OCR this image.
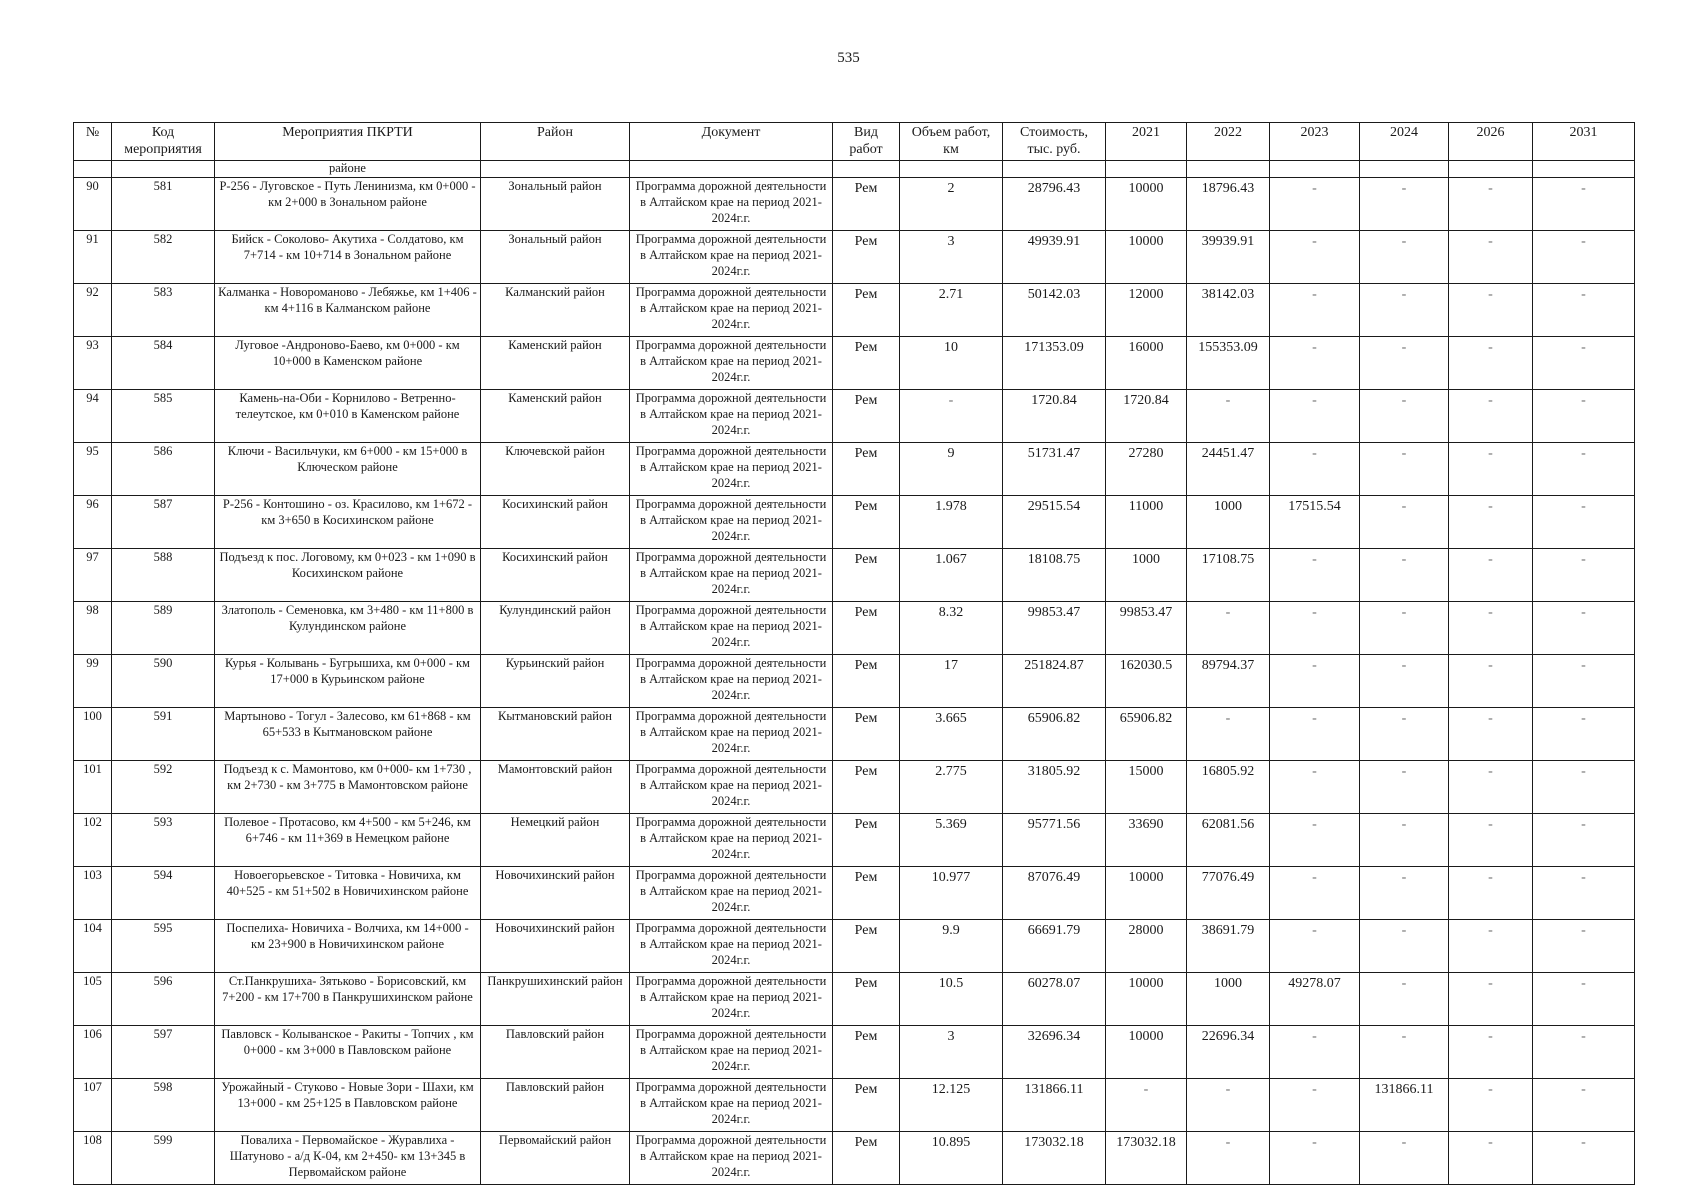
535
№	Код мероприятия	Мероприятия ПКРТИ	Район	Документ	Вид работ	Объем работ, км	Стоимость, тыс. руб.	2021	2022	2023	2024	2026	2031
		районе											
90	581	Р-256 - Луговское - Путь Ленинизма, км 0+000 - км 2+000 в Зональном районе	Зональный район	Программа дорожной деятельности в Алтайском крае на период 2021-2024г.г.	Рем	2	28796.43	10000	18796.43	-	-	-	-
91	582	Бийск - Соколово- Акутиха - Солдатово, км 7+714 - км 10+714 в Зональном районе	Зональный район	Программа дорожной деятельности в Алтайском крае на период 2021-2024г.г.	Рем	3	49939.91	10000	39939.91	-	-	-	-
92	583	Калманка - Новороманово - Лебяжье, км 1+406 - км 4+116 в Калманском районе	Калманский район	Программа дорожной деятельности в Алтайском крае на период 2021-2024г.г.	Рем	2.71	50142.03	12000	38142.03	-	-	-	-
93	584	Луговое -Андроново-Баево, км 0+000 - км 10+000 в Каменском районе	Каменский район	Программа дорожной деятельности в Алтайском крае на период 2021-2024г.г.	Рем	10	171353.09	16000	155353.09	-	-	-	-
94	585	Камень-на-Оби - Корнилово - Ветреннотелеутское, км 0+010 в Каменском районе	Каменский район	Программа дорожной деятельности в Алтайском крае на период 2021-2024г.г.	Рем	-	1720.84	1720.84	-	-	-	-	-
95	586	Ключи - Васильчуки, км 6+000 - км 15+000 в Ключеском районе	Ключевской район	Программа дорожной деятельности в Алтайском крае на период 2021-2024г.г.	Рем	9	51731.47	27280	24451.47	-	-	-	-
96	587	Р-256 - Контошино - оз. Красилово, км 1+672 - км 3+650 в Косихинском районе	Косихинский район	Программа дорожной деятельности в Алтайском крае на период 2021-2024г.г.	Рем	1.978	29515.54	11000	1000	17515.54	-	-	-
97	588	Подъезд к пос. Логовому, км 0+023 - км 1+090 в Косихинском районе	Косихинский район	Программа дорожной деятельности в Алтайском крае на период 2021-2024г.г.	Рем	1.067	18108.75	1000	17108.75	-	-	-	-
98	589	Златополь - Семеновка, км 3+480 - км 11+800 в Кулундинском районе	Кулундинский район	Программа дорожной деятельности в Алтайском крае на период 2021-2024г.г.	Рем	8.32	99853.47	99853.47	-	-	-	-	-
99	590	Курья - Колывань - Бугрышиха, км 0+000 - км 17+000 в Курьинском районе	Курьинский район	Программа дорожной деятельности в Алтайском крае на период 2021-2024г.г.	Рем	17	251824.87	162030.5	89794.37	-	-	-	-
100	591	Мартыново - Тогул - Залесово, км 61+868 - км 65+533 в Кытмановском районе	Кытмановский район	Программа дорожной деятельности в Алтайском крае на период 2021-2024г.г.	Рем	3.665	65906.82	65906.82	-	-	-	-	-
101	592	Подъезд к с. Мамонтово, км 0+000- км 1+730 , км 2+730 - км 3+775 в Мамонтовском районе	Мамонтовский район	Программа дорожной деятельности в Алтайском крае на период 2021-2024г.г.	Рем	2.775	31805.92	15000	16805.92	-	-	-	-
102	593	Полевое - Протасово, км 4+500 - км 5+246, км 6+746 - км 11+369 в Немецком районе	Немецкий район	Программа дорожной деятельности в Алтайском крае на период 2021-2024г.г.	Рем	5.369	95771.56	33690	62081.56	-	-	-	-
103	594	Новоегорьевское - Титовка - Новичиха, км 40+525 - км 51+502 в Новичихинском районе	Новочихинский район	Программа дорожной деятельности в Алтайском крае на период 2021-2024г.г.	Рем	10.977	87076.49	10000	77076.49	-	-	-	-
104	595	Поспелиха- Новичиха - Волчиха, км 14+000 - км 23+900 в Новичихинском районе	Новочихинский район	Программа дорожной деятельности в Алтайском крае на период 2021-2024г.г.	Рем	9.9	66691.79	28000	38691.79	-	-	-	-
105	596	Ст.Панкрушиха- Зятьково - Борисовский, км 7+200 - км 17+700 в Панкрушихинском районе	Панкрушихинский район	Программа дорожной деятельности в Алтайском крае на период 2021-2024г.г.	Рем	10.5	60278.07	10000	1000	49278.07	-	-	-
106	597	Павловск - Колыванское - Ракиты - Топчих , км 0+000 - км 3+000 в Павловском районе	Павловский район	Программа дорожной деятельности в Алтайском крае на период 2021-2024г.г.	Рем	3	32696.34	10000	22696.34	-	-	-	-
107	598	Урожайный - Стуково - Новые Зори - Шахи, км 13+000 - км 25+125 в Павловском районе	Павловский район	Программа дорожной деятельности в Алтайском крае на период 2021-2024г.г.	Рем	12.125	131866.11	-	-	-	131866.11	-	-
108	599	Повалиха - Первомайское - Журавлиха - Шатуново - а/д К-04, км 2+450- км 13+345 в Первомайском районе	Первомайский район	Программа дорожной деятельности в Алтайском крае на период 2021-2024г.г.	Рем	10.895	173032.18	173032.18	-	-	-	-	-
